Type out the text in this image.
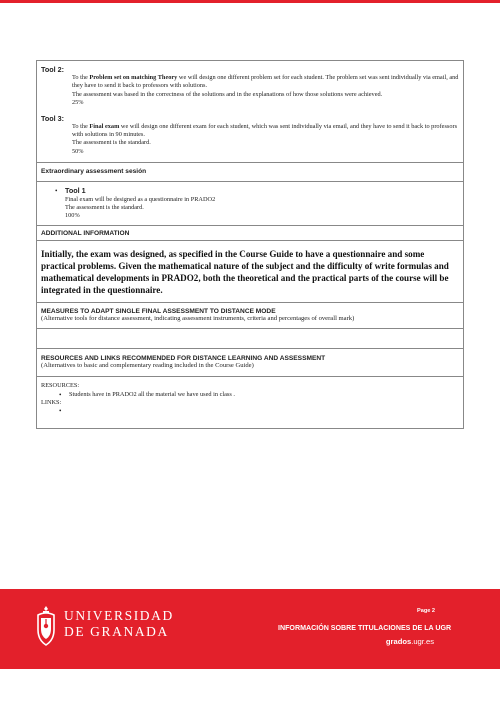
Tool 2:
To the Problem set on matching Theory we will design one different problem set for each student. The problem set was sent individually via email, and they have to send it back to professors with solutions.
The assessment was based in the correctness of the solutions and in the explanations of how those solutions were achieved.
25%
Tool 3:
To the Final exam we will design one different exam for each student, which was sent individually via email, and they have to send it back to professors with solutions in 90 minutes.
The assessment is the standard.
50%
Extraordinary assessment sesión
•	Tool 1
Final exam will be designed as a questionnaire in PRADO2
The assessment is the standard.
100%
ADDITIONAL INFORMATION
Initially, the exam was designed, as specified in the Course Guide to have a questionnaire and some practical problems. Given the mathematical nature of the subject and the difficulty of write formulas and mathematical developments in PRADO2, both the theoretical and the practical parts of the course will be integrated in the questionnaire.
MEASURES TO ADAPT SINGLE FINAL ASSESSMENT TO DISTANCE MODE
(Alternative tools for distance assessment, indicating assessment instruments, criteria and percentages of overall mark)
RESOURCES AND LINKS RECOMMENDED FOR DISTANCE LEARNING AND ASSESSMENT
(Alternatives to basic and complementary reading included in the Course Guide)
RESOURCES:
•	Students have in PRADO2 all the material we have used in class .
LINKS:
•
UNIVERSIDAD
DE GRANADA
Page 2
INFORMACIÓN SOBRE TITULACIONES DE LA UGR
grados.ugr.es
